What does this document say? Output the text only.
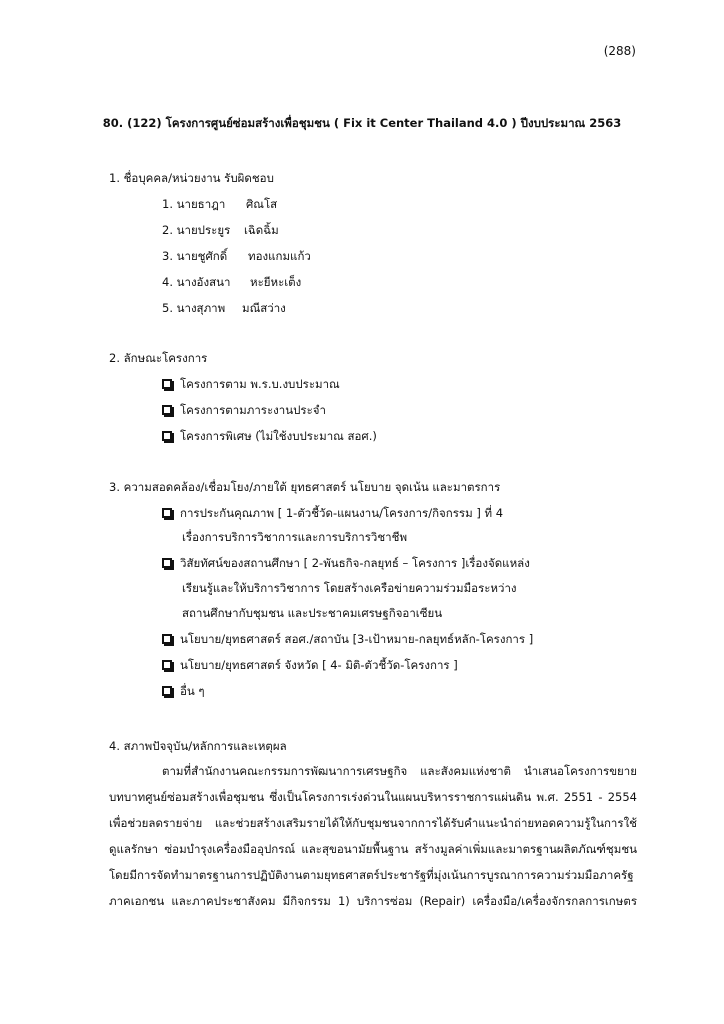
(288)
80. (122) โครงการศูนย์ซ่อมสร้างเพื่อชุมชน ( Fix it Center Thailand 4.0 ) ปีงบประมาณ 2563
1. ชื่อบุคคล/หน่วยงาน รับผิดชอบ
1. นายธาฎา ศิณโส
2. นายประยูร เฉิดฉิ้ม
3. นายชูศักดิ์ ทองแกมแก้ว
4. นางอังสนา หะยีหะเต็ง
5. นางสุภาพ มณีสว่าง
2. ลักษณะโครงการ
โครงการตาม พ.ร.บ.งบประมาณ
โครงการตามภาระงานประจำ
โครงการพิเศษ (ไม่ใช้งบประมาณ สอศ.)
3. ความสอดคล้อง/เชื่อมโยง/ภายใต้ ยุทธศาสตร์ นโยบาย จุดเน้น และมาตรการ
การประกันคุณภาพ [ 1-ตัวชี้วัด-แผนงาน/โครงการ/กิจกรรม ] ที่ 4
เรื่องการบริการวิชาการและการบริการวิชาชีพ
วิสัยทัศน์ของสถานศึกษา [ 2-พันธกิจ-กลยุทธ์ – โครงการ ]เรื่องจัดแหล่ง
เรียนรู้และให้บริการวิชาการ โดยสร้างเครือข่ายความร่วมมือระหว่าง
สถานศึกษากับชุมชน และประชาคมเศรษฐกิจอาเซียน
นโยบาย/ยุทธศาสตร์ สอศ./สถาบัน [3-เป้าหมาย-กลยุทธ์หลัก-โครงการ ]
นโยบาย/ยุทธศาสตร์ จังหวัด [ 4- มิติ-ตัวชี้วัด-โครงการ ]
อื่น ๆ
4. สภาพปัจจุบัน/หลักการและเหตุผล
ตามที่สำนักงานคณะกรรมการพัฒนาการเศรษฐกิจ และสังคมแห่งชาติ นำเสนอโครงการขยาย
บทบาทศูนย์ซ่อมสร้างเพื่อชุมชน ซึ่งเป็นโครงการเร่งด่วนในแผนบริหารราชการแผ่นดิน พ.ศ. 2551 - 2554
เพื่อช่วยลดรายจ่าย และช่วยสร้างเสริมรายได้ให้กับชุมชนจากการได้รับคำแนะนำถ่ายทอดความรู้ในการใช้
ดูแลรักษา ซ่อมบำรุงเครื่องมืออุปกรณ์ และสุขอนามัยพื้นฐาน สร้างมูลค่าเพิ่มและมาตรฐานผลิตภัณฑ์ชุมชน
โดยมีการจัดทำมาตรฐานการปฏิบัติงานตามยุทธศาสตร์ประชารัฐที่มุ่งเน้นการบูรณาการความร่วมมือภาครัฐ
ภาคเอกชน และภาคประชาสังคม มีกิจกรรม 1) บริการซ่อม (Repair) เครื่องมือ/เครื่องจักรกลการเกษตร
